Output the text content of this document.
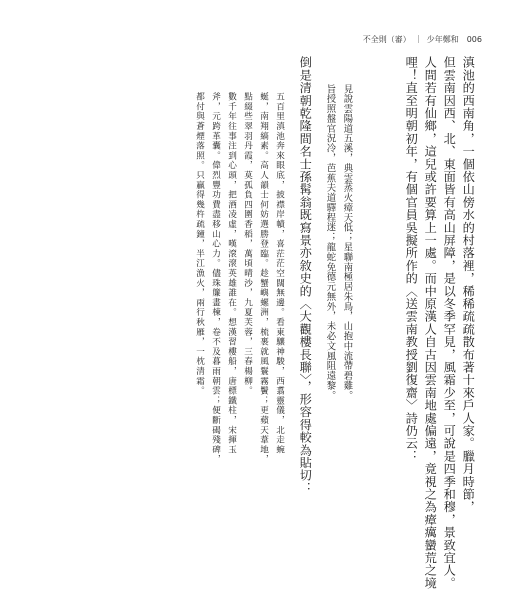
不全則（審） ｜ 少年鄭和 006
滇池的西南角，一個依山傍水的村落裡，稀稀疏疏散布著十來戶人家。臘月時節，
但雲南因西、北、東面皆有高山屏障，是以冬季罕見，風霜少至，可說是四季和穆，景致宜人。
人間若有仙鄉，這兒或許要算上一處。而中原漢人自古因雲南地處偏遠，竟視之為瘴癘蠻荒之境
哩！直至明朝初年，有個官員吳擬所作的〈送雲南教授劉復齋〉詩仍云：
見說雲陽道五溪，典雲蒸火瘴天低；星聯南極居朱鳥，山抱中流帶碧雞。
旨授照盤官況冷，芭蕉夫道驛程迷；龍蛇免德元無外，未必文風阻遠黎。
倒是清朝乾隆間名士孫髯翁既寫景亦敘史的〈大觀樓長聯〉，形容得較為貼切：
五百里滇池奔來眼底，披襟岸幘，喜茫茫空闊無邊。看東驤神駿，西翥靈儀，北走蜿
蜒，南翔縞素。高人韻士何妨選勝登臨。趁蟹嶼螺洲，梳裹就風鬟霧鬢；更蘋天葦地，
點綴些翠羽丹霞，莫孤負四圍香稻，萬頃晴沙，九夏芙蓉，三春楊柳。
數千年往事注到心頭，把酒凌虛，嘆滾滾英雄誰在。想漢習樓船，唐標鐵柱，宋揮玉
斧，元跨革囊。偉烈豐功費盡移山心力。儘珠簾畫棟，卷不及暮雨朝雲；便斷碣殘碑，
都付與蒼煙落照。只贏得幾杵疏鐘，半江漁火，兩行秋雁，一枕清霜。
